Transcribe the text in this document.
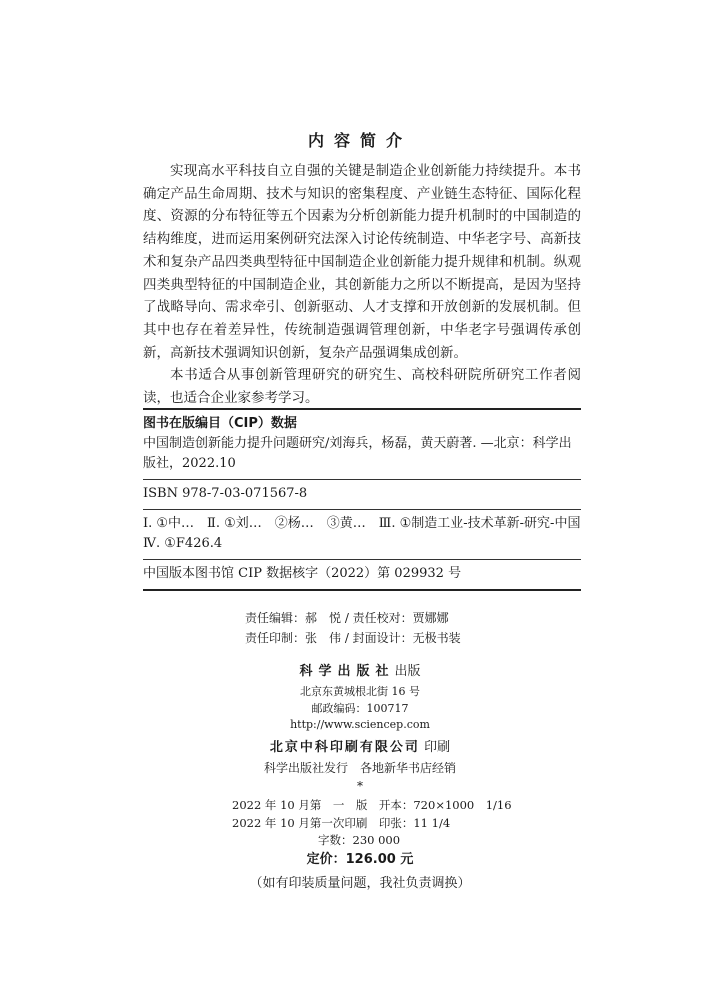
内容简介

实现高水平科技自立自强的关键是制造企业创新能力持续提升。本书确定产品生命周期、技术与知识的密集程度、产业链生态特征、国际化程度、资源的分布特征等五个因素为分析创新能力提升机制时的中国制造的结构维度，进而运用案例研究法深入讨论传统制造、中华老字号、高新技术和复杂产品四类典型特征中国制造企业创新能力提升规律和机制。纵观四类典型特征的中国制造企业，其创新能力之所以不断提高，是因为坚持了战略导向、需求牵引、创新驱动、人才支撑和开放创新的发展机制。但其中也存在着差异性，传统制造强调管理创新，中华老字号强调传承创新，高新技术强调知识创新，复杂产品强调集成创新。

本书适合从事创新管理研究的研究生、高校科研院所研究工作者阅读，也适合企业家参考学习。

图书在版编目（CIP）数据
中国制造创新能力提升问题研究/刘海兵，杨磊，黄天蔚著. —北京：科学出版社，2022.10
ISBN 978-7-03-071567-8
Ⅰ. ①中…　Ⅱ. ①刘…　②杨…　③黄…　Ⅲ. ①制造工业-技术革新-研究-中国　Ⅳ. ①F426.4
中国版本图书馆 CIP 数据核字（2022）第 029932 号
责任编辑：郝　悦 / 责任校对：贾娜娜
责任印制：张　伟 / 封面设计：无极书装
科学出版社出版
北京东黄城根北街 16 号
邮政编码：100717
http://www.sciencep.com
北京中科印刷有限公司 印刷
科学出版社发行　各地新华书店经销
*
2022 年 10 月第　一　版　开本：720×1000　1/16
2022 年 10 月第一次印刷　印张：11 1/4
字数：230 000
定价：126.00 元
（如有印装质量问题，我社负责调换）
